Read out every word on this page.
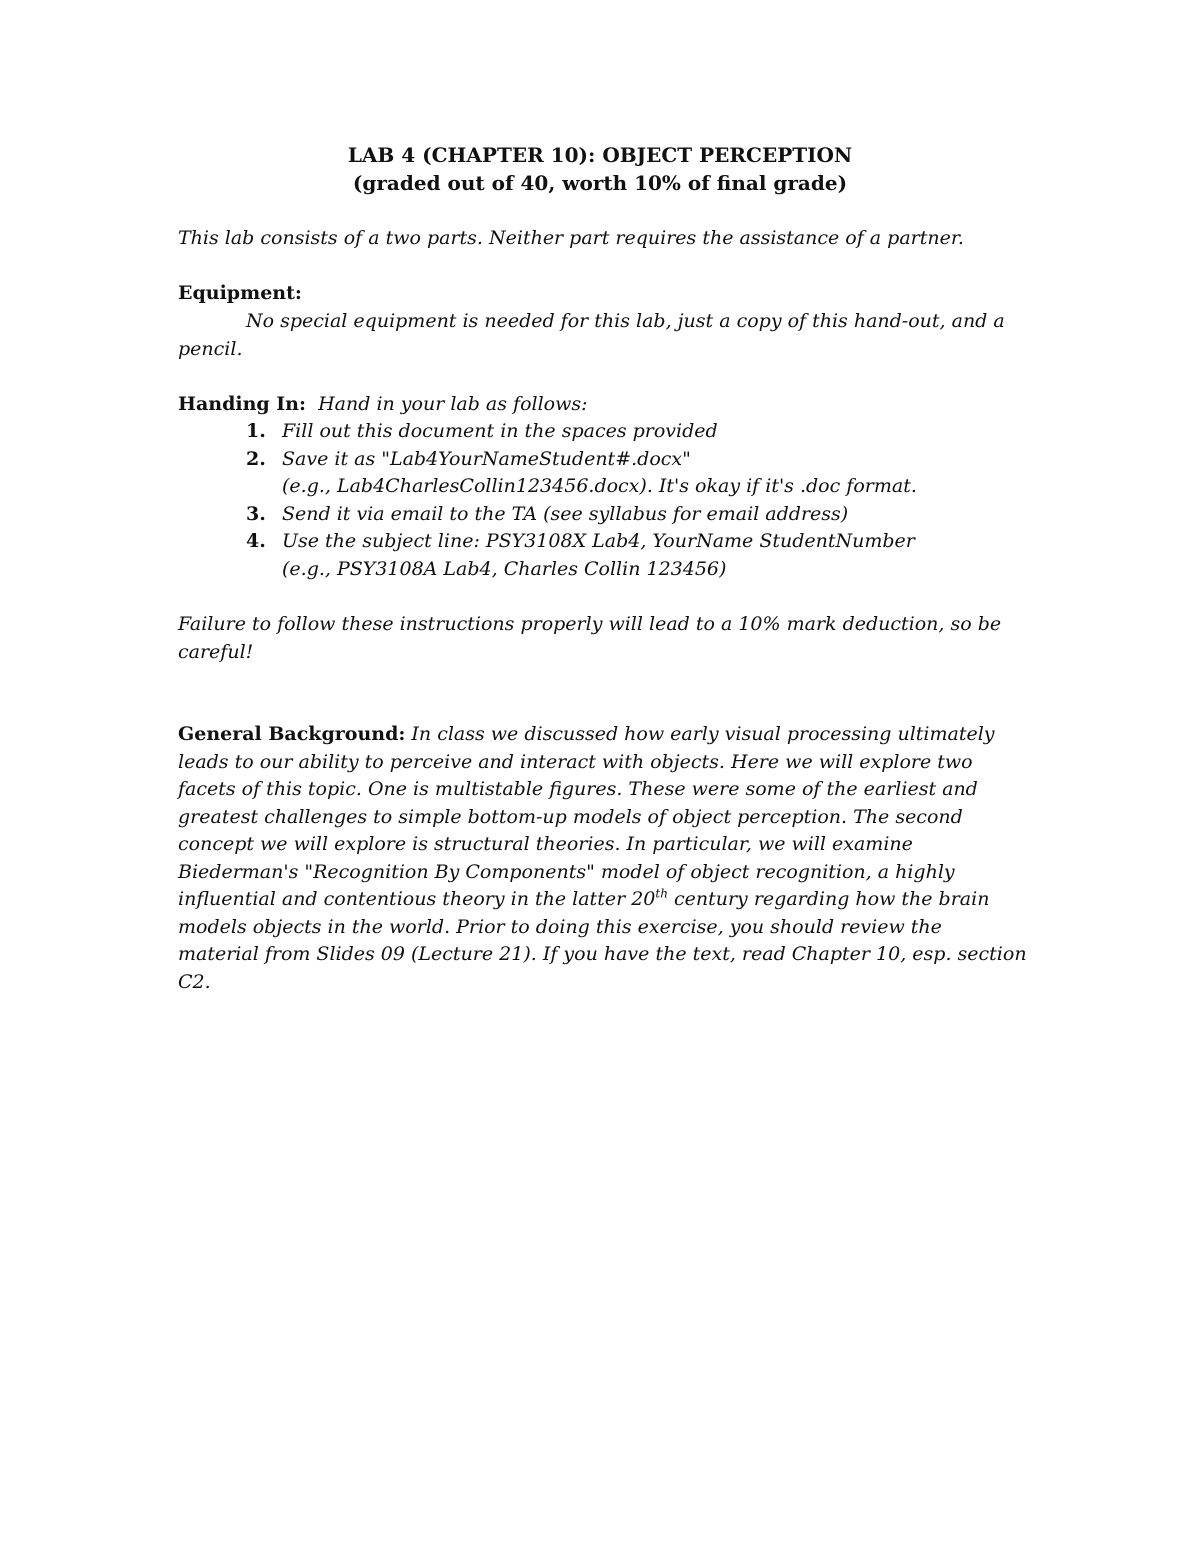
LAB 4 (CHAPTER 10): OBJECT PERCEPTION
(graded out of 40, worth 10% of final grade)
This lab consists of a two parts. Neither part requires the assistance of a partner.
Equipment:
No special equipment is needed for this lab, just a copy of this hand-out, and a
pencil.
Handing In: Hand in your lab as follows:
1. Fill out this document in the spaces provided
2. Save it as "Lab4YourNameStudent#.docx"
(e.g., Lab4CharlesCollin123456.docx). It's okay if it's .doc format.
3. Send it via email to the TA (see syllabus for email address)
4. Use the subject line: PSY3108X Lab4, YourName StudentNumber
(e.g., PSY3108A Lab4, Charles Collin 123456)
Failure to follow these instructions properly will lead to a 10% mark deduction, so be
careful!
General Background: In class we discussed how early visual processing ultimately
leads to our ability to perceive and interact with objects. Here we will explore two
facets of this topic. One is multistable figures. These were some of the earliest and
greatest challenges to simple bottom-up models of object perception. The second
concept we will explore is structural theories. In particular, we will examine
Biederman's "Recognition By Components" model of object recognition, a highly
influential and contentious theory in the latter 20th century regarding how the brain
models objects in the world. Prior to doing this exercise, you should review the
material from Slides 09 (Lecture 21). If you have the text, read Chapter 10, esp. section
C2.
